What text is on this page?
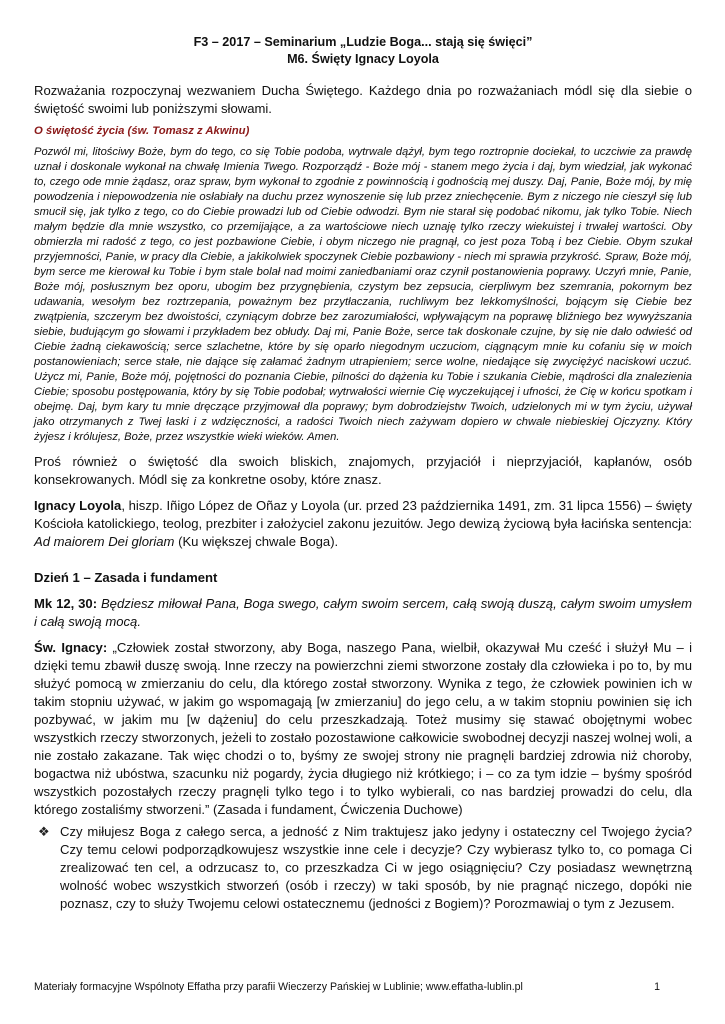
F3 – 2017 – Seminarium „Ludzie Boga... stają się święci”

M6. Święty Ignacy Loyola

Rozważania rozpoczynaj wezwaniem Ducha Świętego. Każdego dnia po rozważaniach módl się dla siebie o świętość swoimi lub poniższymi słowami.

O świętość życia (św. Tomasz z Akwinu)

Pozwól mi, litościwy Boże, bym do tego, co się Tobie podoba, wytrwale dążył, bym tego roztropnie dociekał, to uczciwie za prawdę uznał i doskonale wykonał na chwałę Imienia Twego. Rozporządź - Boże mój - stanem mego życia i daj, bym wiedział, jak wykonać to, czego ode mnie żądasz, oraz spraw, bym wykonał to zgodnie z powinnością i godnością mej duszy. Daj, Panie, Boże mój, by mię powodzenia i niepowodzenia nie osłabiały na duchu przez wynoszenie się lub przez zniechęcenie. Bym z niczego nie cieszył się lub smucił się, jak tylko z tego, co do Ciebie prowadzi lub od Ciebie odwodzi. Bym nie starał się podobać nikomu, jak tylko Tobie. Niech małym będzie dla mnie wszystko, co przemijające, a za wartościowe niech uznaję tylko rzeczy wiekuistej i trwałej wartości. Oby obmierzła mi radość z tego, co jest pozbawione Ciebie, i obym niczego nie pragnął, co jest poza Tobą i bez Ciebie. Obym szukał przyjemności, Panie, w pracy dla Ciebie, a jakikolwiek spoczynek Ciebie pozbawiony - niech mi sprawia przykrość. Spraw, Boże mój, bym serce me kierował ku Tobie i bym stale bolał nad moimi zaniedbaniami oraz czynił postanowienia poprawy. Uczyń mnie, Panie, Boże mój, posłusznym bez oporu, ubogim bez przygnębienia, czystym bez zepsucia, cierpliwym bez szemrania, pokornym bez udawania, wesołym bez roztrzepania, poważnym bez przytłaczania, ruchliwym bez lekkomyślności, bojącym się Ciebie bez zwątpienia, szczerym bez dwoistości, czyniącym dobrze bez zarozumiałości, wpływającym na poprawę bliźniego bez wywyższania siebie, budującym go słowami i przykładem bez obłudy. Daj mi, Panie Boże, serce tak doskonale czujne, by się nie dało odwieść od Ciebie żadną ciekawością; serce szlachetne, które by się oparło niegodnym uczuciom, ciągnącym mnie ku cofaniu się w moich postanowieniach; serce stałe, nie dające się załamać żadnym utrapieniem; serce wolne, niedające się zwyciężyć naciskowi uczuć. Użycz mi, Panie, Boże mój, pojętności do poznania Ciebie, pilności do dążenia ku Tobie i szukania Ciebie, mądrości dla znalezienia Ciebie; sposobu postępowania, który by się Tobie podobał; wytrwałości wiernie Cię wyczekującej i ufności, że Cię w końcu spotkam i obejmę. Daj, bym kary tu mnie dręczące przyjmował dla poprawy; bym dobrodziejstw Twoich, udzielonych mi w tym życiu, używał jako otrzymanych z Twej łaski i z wdzięczności, a radości Twoich niech zażywam dopiero w chwale niebieskiej Ojczyzny. Który żyjesz i królujesz, Boże, przez wszystkie wieki wieków. Amen.

Proś również o świętość dla swoich bliskich, znajomych, przyjaciół i nieprzyjaciół, kapłanów, osób konsekrowanych. Módl się za konkretne osoby, które znasz.

Ignacy Loyola, hiszp. Iñigo López de Oñaz y Loyola (ur. przed 23 października 1491, zm. 31 lipca 1556) – święty Kościoła katolickiego, teolog, prezbiter i założyciel zakonu jezuitów. Jego dewizą życiową była łacińska sentencja: Ad maiorem Dei gloriam (Ku większej chwale Boga).

Dzień 1 – Zasada i fundament

Mk 12, 30: Będziesz miłował Pana, Boga swego, całym swoim sercem, całą swoją duszą, całym swoim umysłem i całą swoją mocą.

Św. Ignacy: „Człowiek został stworzony, aby Boga, naszego Pana, wielbił, okazywał Mu cześć i służył Mu – i dzięki temu zbawił duszę swoją. Inne rzeczy na powierzchni ziemi stworzone zostały dla człowieka i po to, by mu służyć pomocą w zmierzaniu do celu, dla którego został stworzony. Wynika z tego, że człowiek powinien ich w takim stopniu używać, w jakim go wspomagają [w zmierzaniu] do jego celu, a w takim stopniu powinien się ich pozbywać, w jakim mu [w dążeniu] do celu przeszkadzają. Toteż musimy się stawać obojętnymi wobec wszystkich rzeczy stworzonych, jeżeli to zostało pozostawione całkowicie swobodnej decyzji naszej wolnej woli, a nie zostało zakazane. Tak więc chodzi o to, byśmy ze swojej strony nie pragnęli bardziej zdrowia niż choroby, bogactwa niż ubóstwa, szacunku niż pogardy, życia długiego niż krótkiego; i – co za tym idzie – byśmy spośród wszystkich pozostałych rzeczy pragnęli tylko tego i to tylko wybierali, co nas bardziej prowadzi do celu, dla którego zostaliśmy stworzeni.” (Zasada i fundament, Ćwiczenia Duchowe)

❖ Czy miłujesz Boga z całego serca, a jedność z Nim traktujesz jako jedyny i ostateczny cel Twojego życia? Czy temu celowi podporządkowujesz wszystkie inne cele i decyzje? Czy wybierasz tylko to, co pomaga Ci zrealizować ten cel, a odrzucasz to, co przeszkadza Ci w jego osiągnięciu? Czy posiadasz wewnętrzną wolność wobec wszystkich stworzeń (osób i rzeczy) w taki sposób, by nie pragnąć niczego, dopóki nie poznasz, czy to służy Twojemu celowi ostatecznemu (jedności z Bogiem)? Porozmawiaj o tym z Jezusem.
Materiały formacyjne Wspólnoty Effatha przy parafii Wieczerzy Pańskiej w Lublinie; www.effatha-lublin.pl	1
